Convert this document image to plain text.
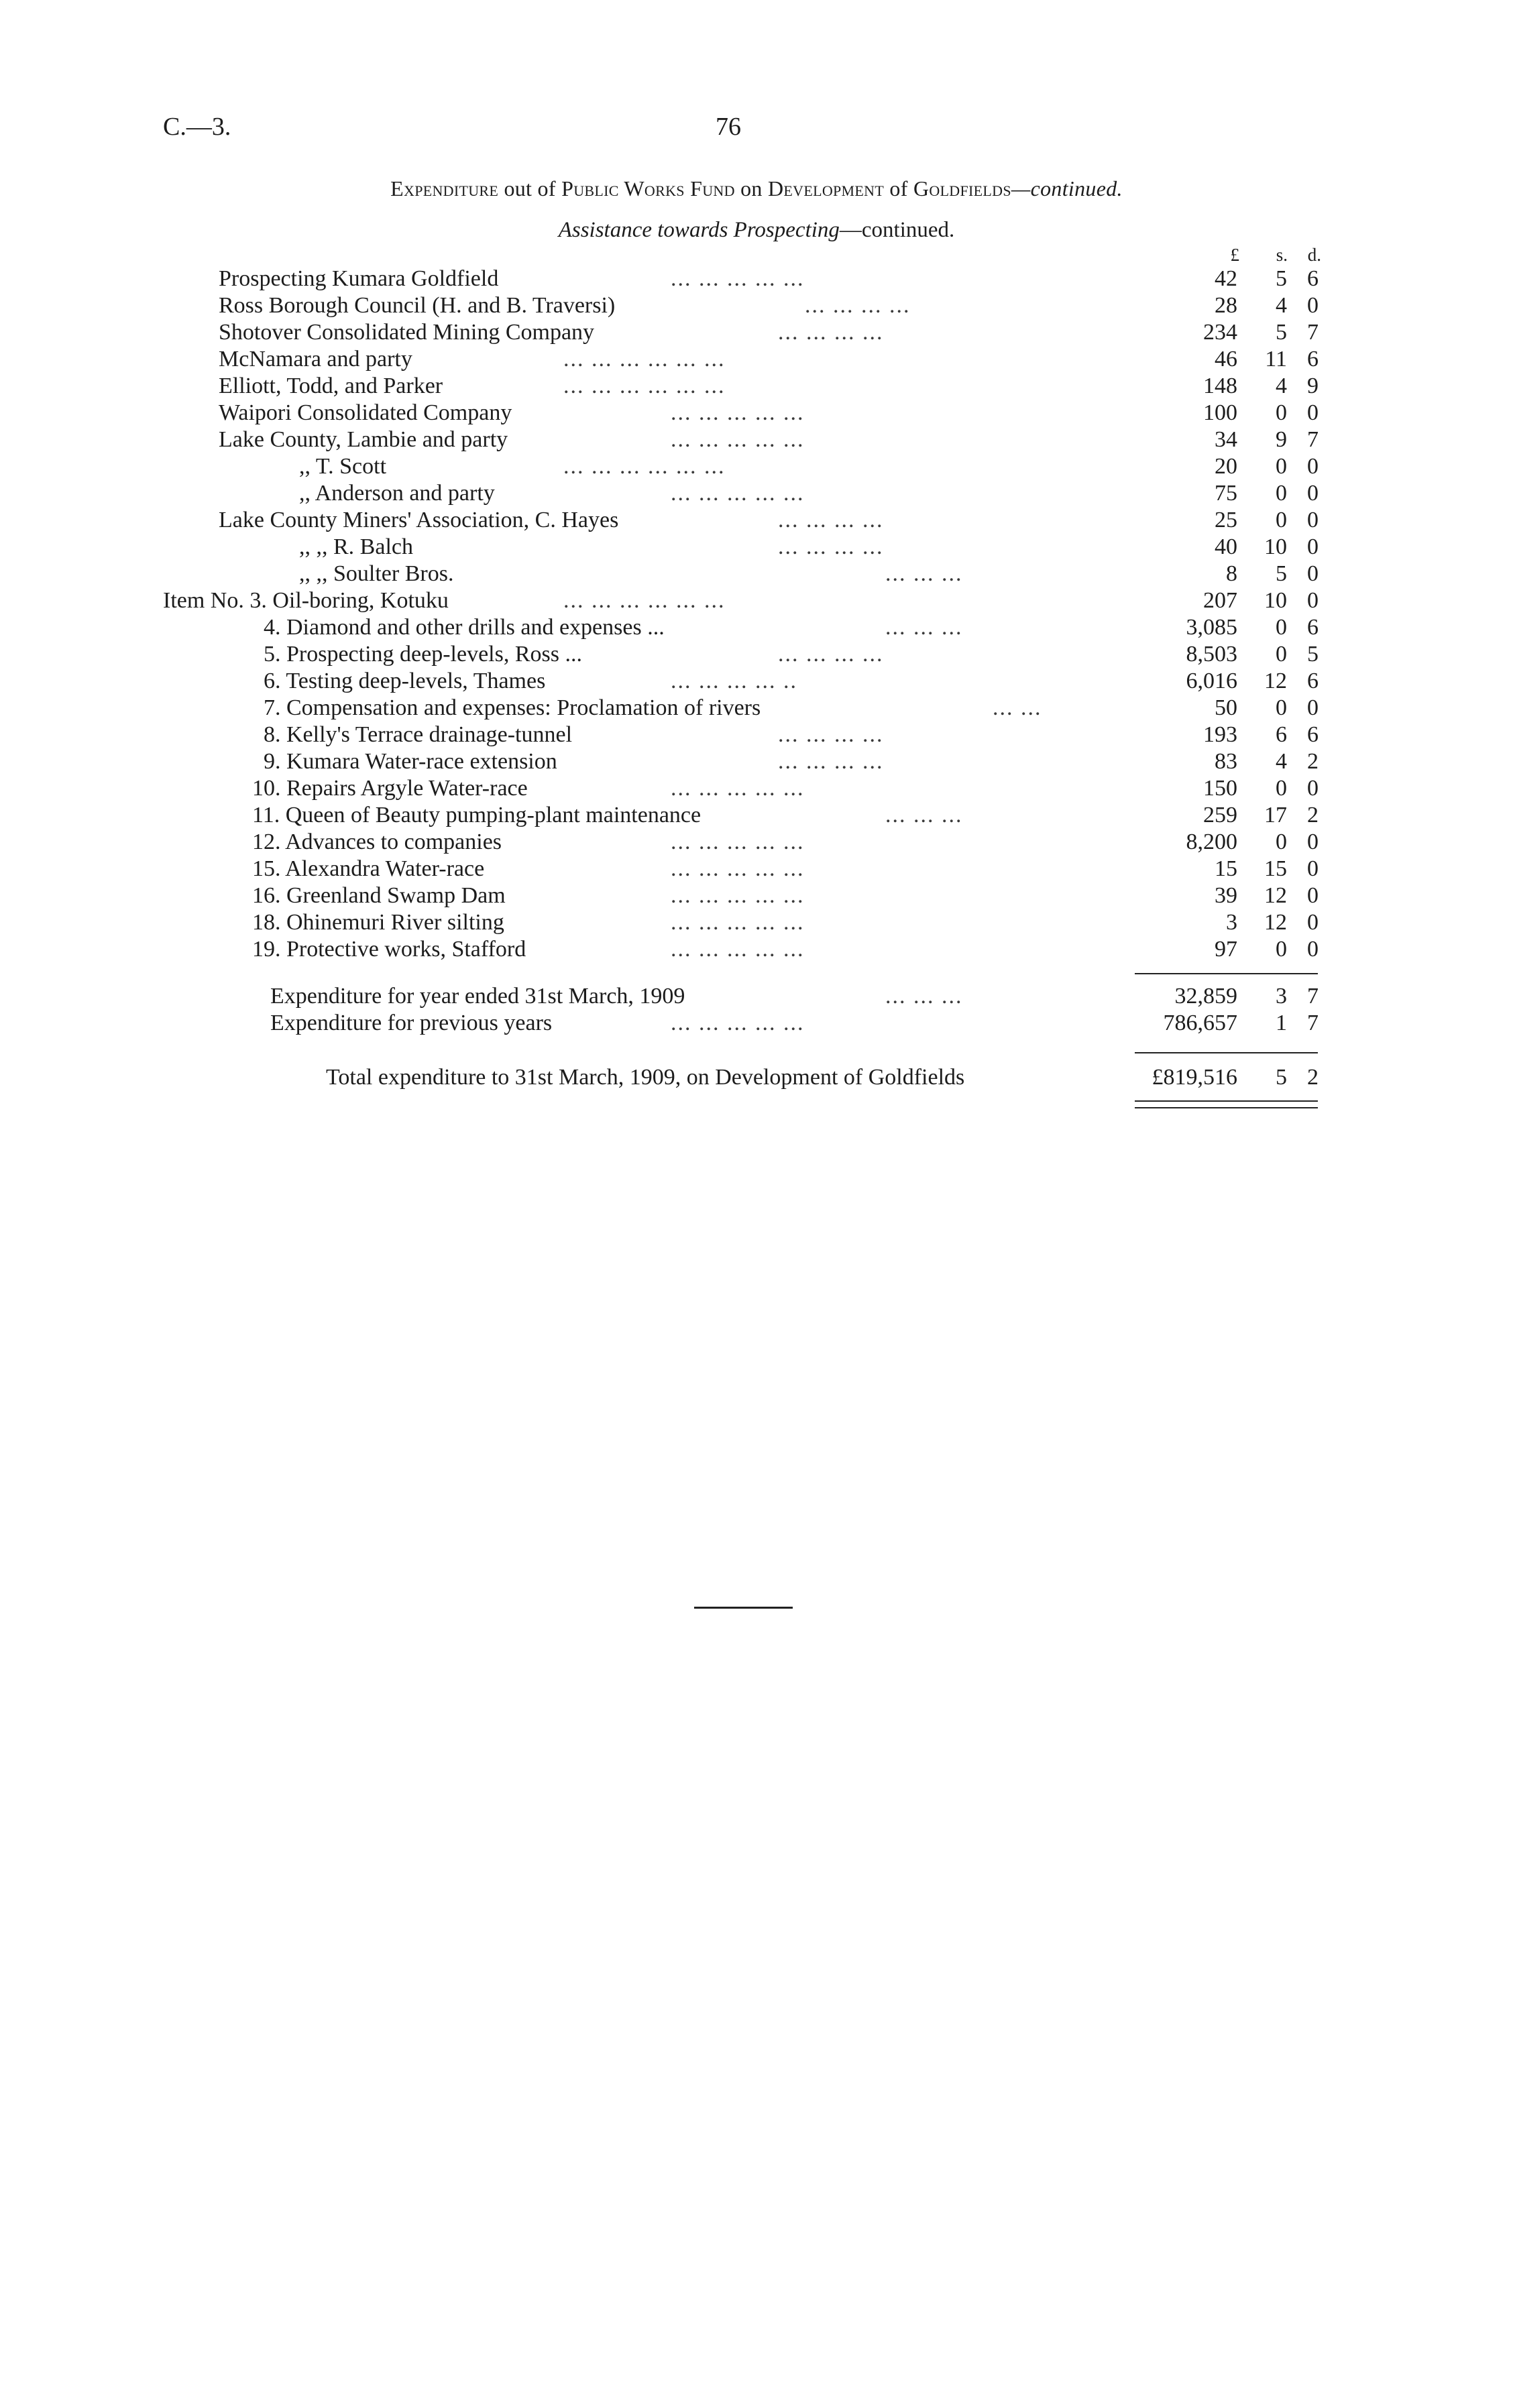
C.—3.	76
Expenditure out of Public Works Fund on Development of Goldfields—continued.
Assistance towards Prospecting—continued.
£	s.	d.
Prospecting Kumara Goldfield	... ... ... ... ...	42 5 6
Ross Borough Council (H. and B. Traversi)	... ... ... ...	28 4 0
Shotover Consolidated Mining Company	... ... ... ...	234 5 7
McNamara and party	... ... ... ... ... ...	46 11 6
Elliott, Todd, and Parker	... ... ... ... ... ...	148 4 9
Waipori Consolidated Company	... ... ... ... ...	100 0 0
Lake County, Lambie and party	... ... ... ... ...	34 9 7
,, T. Scott	... ... ... ... ... ...	20 0 0
,, Anderson and party	... ... ... ... ...	75 0 0
Lake County Miners' Association, C. Hayes	... ... ... ...	25 0 0
,, ,, R. Balch	... ... ... ...	40 10 0
,, ,, Soulter Bros.	... ... ...	8 5 0
Item No. 3. Oil-boring, Kotuku	... ... ... ... ... ...	207 10 0
4. Diamond and other drills and expenses ...	... ... ...	3,085 0 6
5. Prospecting deep-levels, Ross ...	... ... ... ...	8,503 0 5
6. Testing deep-levels, Thames	... ... ... ... ..	6,016 12 6
7. Compensation and expenses: Proclamation of rivers	... ...	50 0 0
8. Kelly's Terrace drainage-tunnel	... ... ... ...	193 6 6
9. Kumara Water-race extension	... ... ... ...	83 4 2
10. Repairs Argyle Water-race	... ... ... ... ...	150 0 0
11. Queen of Beauty pumping-plant maintenance	... ... ...	259 17 2
12. Advances to companies	... ... ... ... ...	8,200 0 0
15. Alexandra Water-race	... ... ... ... ...	15 15 0
16. Greenland Swamp Dam	... ... ... ... ...	39 12 0
18. Ohinemuri River silting	... ... ... ... ...	3 12 0
19. Protective works, Stafford	... ... ... ... ...	97 0 0
Expenditure for year ended 31st March, 1909	... ... ...	32,859 3 7
Expenditure for previous years	... ... ... ... ...	786,657 1 7
Total expenditure to 31st March, 1909, on Development of Goldfields	£819,516 5 2
